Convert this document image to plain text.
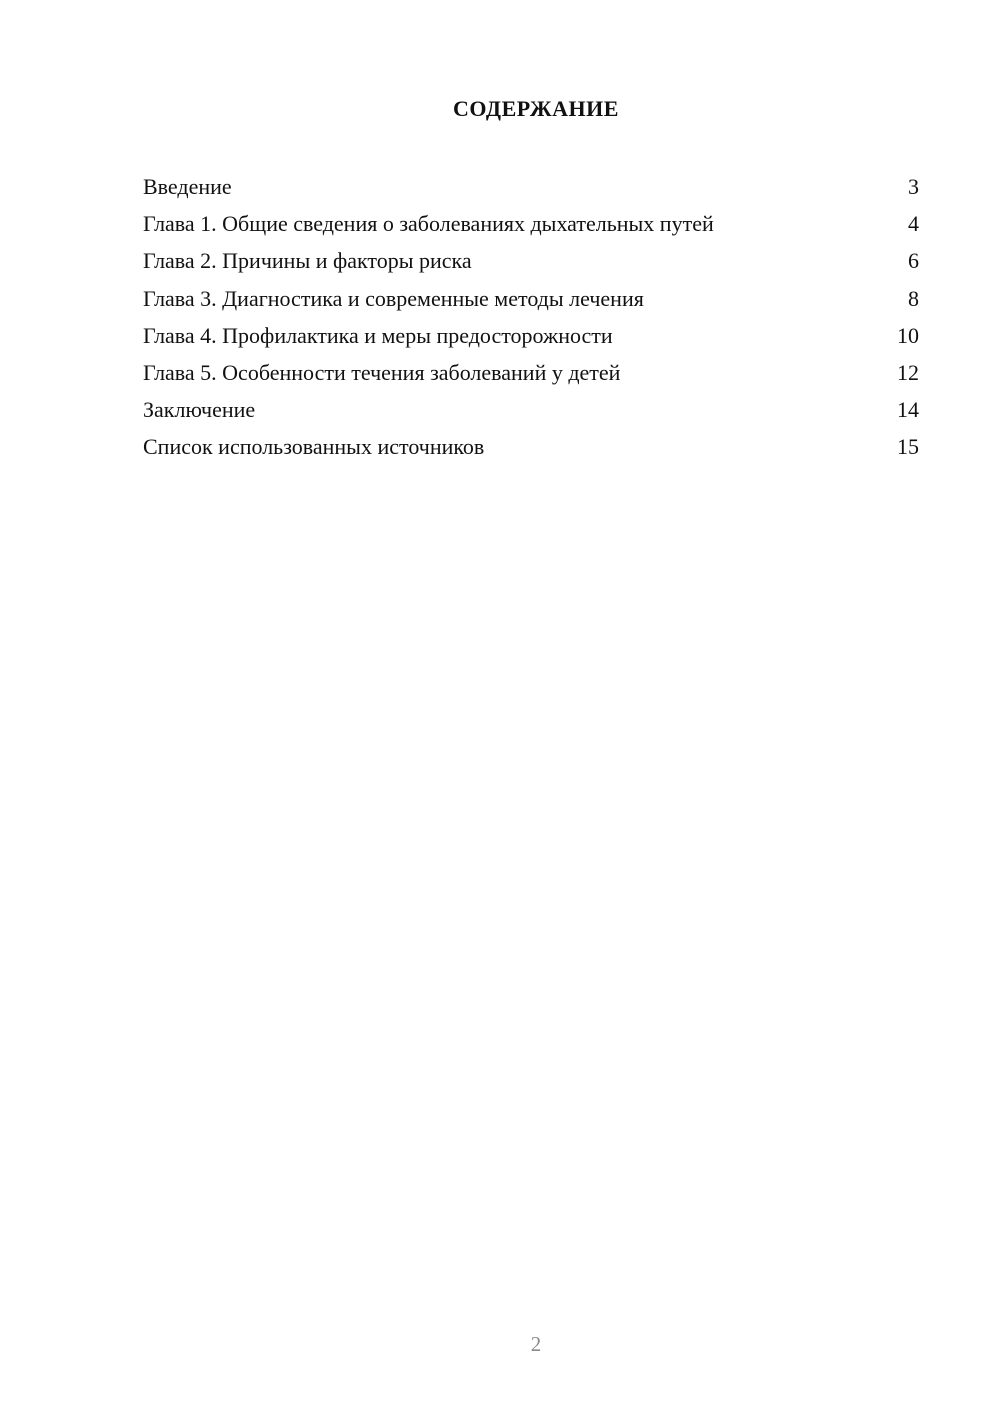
СОДЕРЖАНИЕ
Введение	3
Глава 1. Общие сведения о заболеваниях дыхательных путей	4
Глава 2. Причины и факторы риска	6
Глава 3. Диагностика и современные методы лечения	8
Глава 4. Профилактика и меры предосторожности	10
Глава 5. Особенности течения заболеваний у детей	12
Заключение	14
Список использованных источников	15
2
